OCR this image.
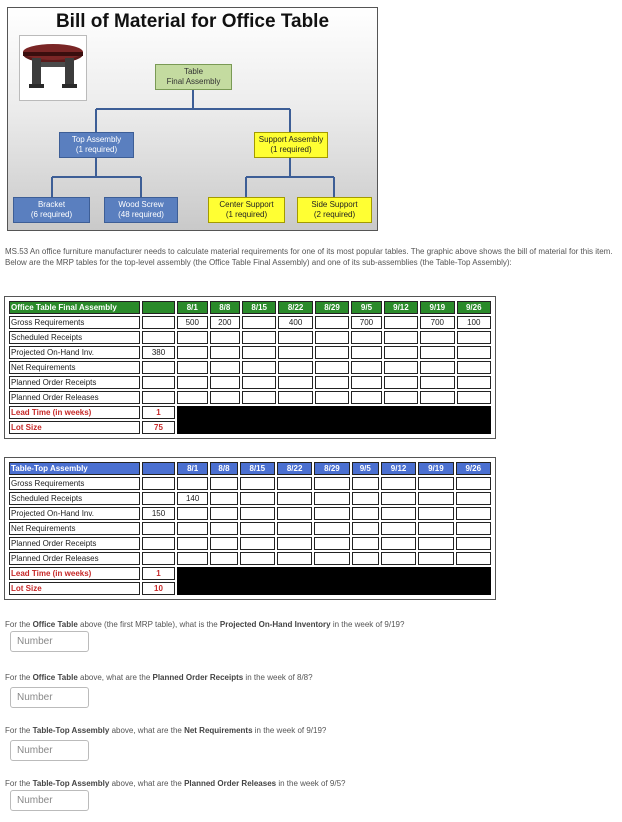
Bill of Material for Office Table
Table
Final Assembly
Top Assembly
(1 required)
Support Assembly
(1 required)
Bracket
(6 required)
Wood Screw
(48 required)
Center Support
(1 required)
Side Support
(2 required)
MS.53 An office furniture manufacturer needs to calculate material requirements for one of its most popular tables. The graphic above shows the bill of material for this item. Below are the MRP tables for the top-level assembly (the Office Table Final Assembly) and one of its sub-assemblies (the Table-Top Assembly):
Office Table Final Assembly		8/1	8/8	8/15	8/22	8/29	9/5	9/12	9/19	9/26
Gross Requirements		500	200		400		700		700	100
Scheduled Receipts										
Projected On-Hand Inv.	380									
Net Requirements										
Planned Order Receipts										
Planned Order Releases										
Lead Time (in weeks)	1									
Lot Size	75									
Table-Top Assembly		8/1	8/8	8/15	8/22	8/29	9/5	9/12	9/19	9/26
Gross Requirements										
Scheduled Receipts		140								
Projected On-Hand Inv.	150									
Net Requirements										
Planned Order Receipts										
Planned Order Releases										
Lead Time (in weeks)	1									
Lot Size	10									
For the Office Table above (the first MRP table), what is the Projected On-Hand Inventory in the week of 9/19?
Number
For the Office Table above, what are the Planned Order Receipts in the week of 8/8?
Number
For the Table-Top Assembly above, what are the Net Requirements in the week of 9/19?
Number
For the Table-Top Assembly above, what are the Planned Order Releases in the week of 9/5?
Number
